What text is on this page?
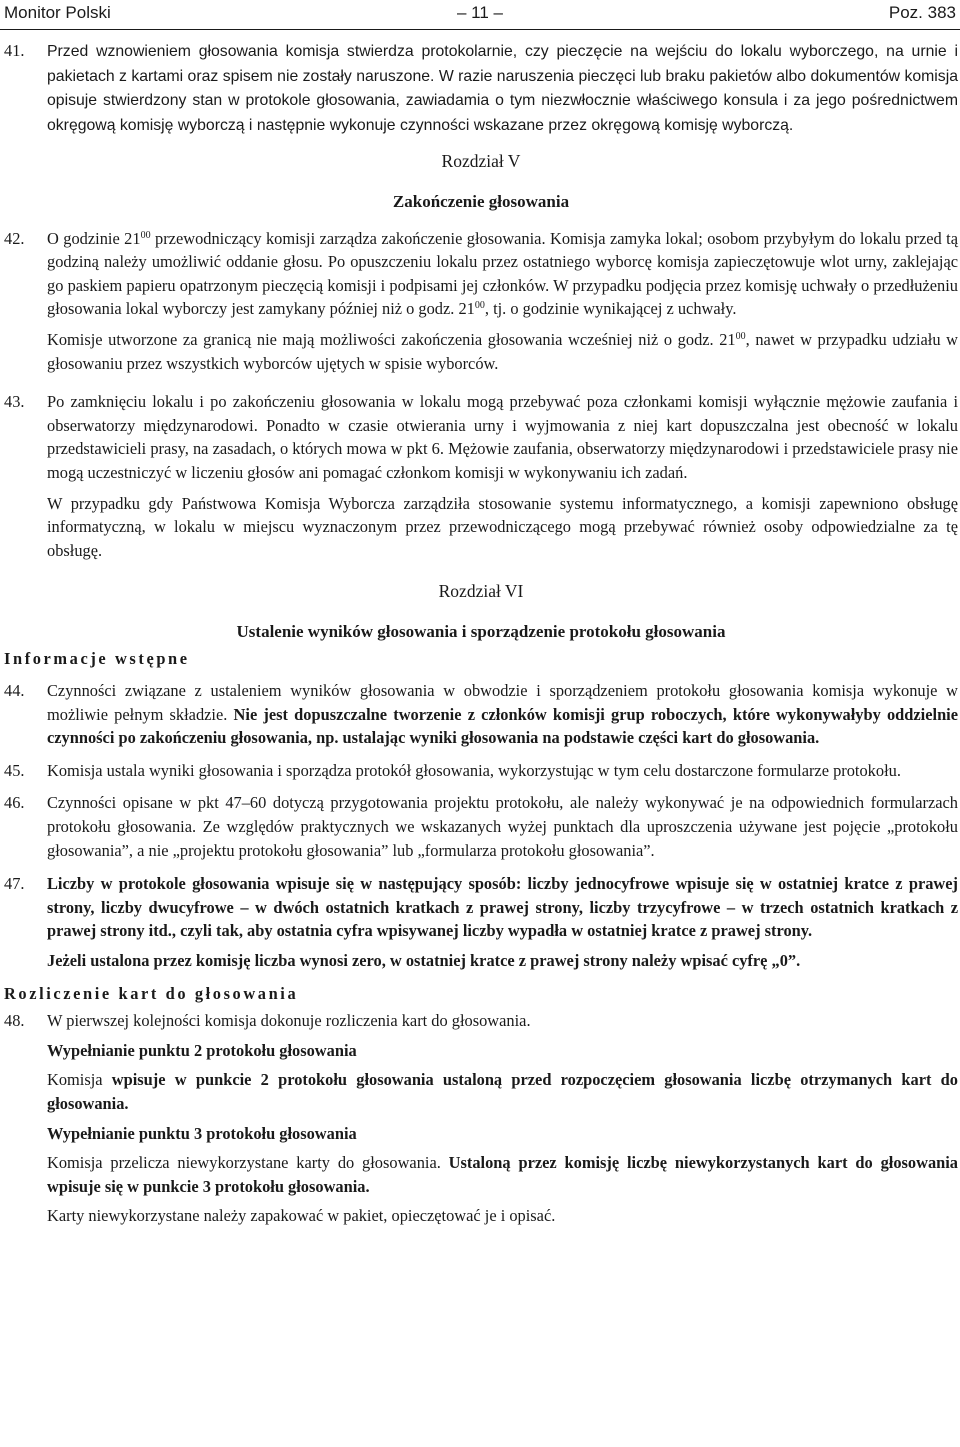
Monitor Polski	– 11 –	Poz. 383
41. Przed wznowieniem głosowania komisja stwierdza protokolarnie, czy pieczęcie na wejściu do lokalu wyborczego, na urnie i pakietach z kartami oraz spisem nie zostały naruszone. W razie naruszenia pieczęci lub braku pakietów albo dokumentów komisja opisuje stwierdzony stan w protokole głosowania, zawiadamia o tym niezwłocznie właściwego konsula i za jego pośrednictwem okręgową komisję wyborczą i następnie wykonuje czynności wskazane przez okręgową komisję wyborczą.
Rozdział V
Zakończenie głosowania
42. O godzinie $21^{00}$ przewodniczący komisji zarządza zakończenie głosowania. Komisja zamyka lokal; osobom przybyłym do lokalu przed tą godziną należy umożliwić oddanie głosu. Po opuszczeniu lokalu przez ostatniego wyborcę komisja zapieczętowuje wlot urny, zaklejając go paskiem papieru opatrzonym pieczęcią komisji i podpisami jej członków. W przypadku podjęcia przez komisję uchwały o przedłużeniu głosowania lokal wyborczy jest zamykany później niż o godz. $21^{00}$, tj. o godzinie wynikającej z uchwały.
Komisje utworzone za granicą nie mają możliwości zakończenia głosowania wcześniej niż o godz. $21^{00}$, nawet w przypadku udziału w głosowaniu przez wszystkich wyborców ujętych w spisie wyborców.
43. Po zamknięciu lokalu i po zakończeniu głosowania w lokalu mogą przebywać poza członkami komisji wyłącznie mężowie zaufania i obserwatorzy międzynarodowi. Ponadto w czasie otwierania urny i wyjmowania z niej kart dopuszczalna jest obecność w lokalu przedstawicieli prasy, na zasadach, o których mowa w pkt 6. Mężowie zaufania, obserwatorzy międzynarodowi i przedstawiciele prasy nie mogą uczestniczyć w liczeniu głosów ani pomagać członkom komisji w wykonywaniu ich zadań.
W przypadku gdy Państwowa Komisja Wyborcza zarządziła stosowanie systemu informatycznego, a komisji zapewniono obsługę informatyczną, w lokalu w miejscu wyznaczonym przez przewodniczącego mogą przebywać również osoby odpowiedzialne za tę obsługę.
Rozdział VI
Ustalenie wyników głosowania i sporządzenie protokołu głosowania
Informacje wstępne
44. Czynności związane z ustaleniem wyników głosowania w obwodzie i sporządzeniem protokołu głosowania komisja wykonuje w możliwie pełnym składzie. Nie jest dopuszczalne tworzenie z członków komisji grup roboczych, które wykonywałyby oddzielnie czynności po zakończeniu głosowania, np. ustalając wyniki głosowania na podstawie części kart do głosowania.
45. Komisja ustala wyniki głosowania i sporządza protokół głosowania, wykorzystując w tym celu dostarczone formularze protokołu.
46. Czynności opisane w pkt 47–60 dotyczą przygotowania projektu protokołu, ale należy wykonywać je na odpowiednich formularzach protokołu głosowania. Ze względów praktycznych we wskazanych wyżej punktach dla uproszczenia używane jest pojęcie „protokołu głosowania”, a nie „projektu protokołu głosowania” lub „formularza protokołu głosowania”.
47. Liczby w protokole głosowania wpisuje się w następujący sposób: liczby jednocyfrowe wpisuje się w ostatniej kratce z prawej strony, liczby dwucyfrowe – w dwóch ostatnich kratkach z prawej strony, liczby trzycyfrowe – w trzech ostatnich kratkach z prawej strony itd., czyli tak, aby ostatnia cyfra wpisywanej liczby wypadła w ostatniej kratce z prawej strony.
Jeżeli ustalona przez komisję liczba wynosi zero, w ostatniej kratce z prawej strony należy wpisać cyfrę „0”.
Rozliczenie kart do głosowania
48. W pierwszej kolejności komisja dokonuje rozliczenia kart do głosowania.
Wypełnianie punktu 2 protokołu głosowania
Komisja wpisuje w punkcie 2 protokołu głosowania ustaloną przed rozpoczęciem głosowania liczbę otrzymanych kart do głosowania.
Wypełnianie punktu 3 protokołu głosowania
Komisja przelicza niewykorzystane karty do głosowania. Ustaloną przez komisję liczbę niewykorzystanych kart do głosowania wpisuje się w punkcie 3 protokołu głosowania.
Karty niewykorzystane należy zapakować w pakiet, opieczętować je i opisać.
